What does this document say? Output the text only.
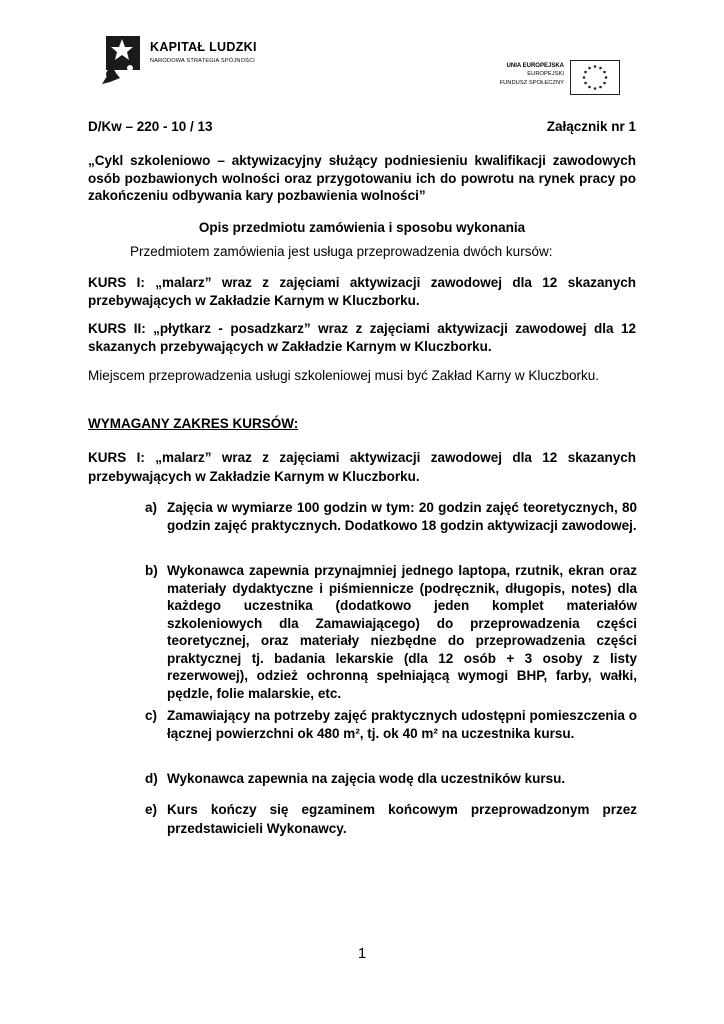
KAPITAŁ LUDZKI
NARODOWA STRATEGIA SPÓJNOŚCI
UNIA EUROPEJSKA
EUROPEJSKI
FUNDUSZ SPOŁECZNY
D/Kw – 220 - 10 / 13	Załącznik nr 1
„Cykl szkoleniowo – aktywizacyjny służący podniesieniu kwalifikacji zawodowych osób pozbawionych wolności oraz przygotowaniu ich do powrotu na rynek pracy po zakończeniu odbywania kary pozbawienia wolności”
Opis przedmiotu zamówienia i sposobu wykonania
Przedmiotem zamówienia jest usługa przeprowadzenia dwóch kursów:
KURS I: „malarz” wraz z zajęciami aktywizacji zawodowej dla 12 skazanych przebywających w Zakładzie Karnym w Kluczborku.
KURS II: „płytkarz - posadzkarz” wraz z zajęciami aktywizacji zawodowej dla 12 skazanych przebywających w Zakładzie Karnym w Kluczborku.
Miejscem przeprowadzenia usługi szkoleniowej musi być Zakład Karny w Kluczborku.
WYMAGANY ZAKRES KURSÓW:
KURS I: „malarz” wraz z zajęciami aktywizacji zawodowej dla 12 skazanych przebywających w Zakładzie Karnym w Kluczborku.
a) Zajęcia w wymiarze 100 godzin w tym: 20 godzin zajęć teoretycznych, 80 godzin zajęć praktycznych. Dodatkowo 18 godzin aktywizacji zawodowej.
b) Wykonawca zapewnia przynajmniej jednego laptopa, rzutnik, ekran oraz materiały dydaktyczne i piśmiennicze (podręcznik, długopis, notes) dla każdego uczestnika (dodatkowo jeden komplet materiałów szkoleniowych dla Zamawiającego) do przeprowadzenia części teoretycznej, oraz materiały niezbędne do przeprowadzenia części praktycznej tj. badania lekarskie (dla 12 osób + 3 osoby z listy rezerwowej), odzież ochronną spełniającą wymogi BHP, farby, wałki, pędzle, folie malarskie, etc.
c) Zamawiający na potrzeby zajęć praktycznych udostępni pomieszczenia o łącznej powierzchni ok 480 m², tj. ok 40 m² na uczestnika kursu.
d) Wykonawca zapewnia na zajęcia wodę dla uczestników kursu.
e) Kurs kończy się egzaminem końcowym przeprowadzonym przez przedstawicieli Wykonawcy.
1
